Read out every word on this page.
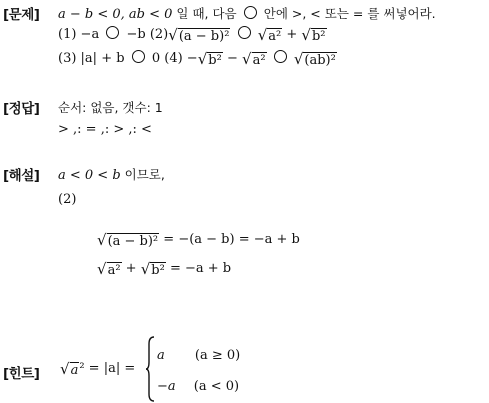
[문제] a − b < 0, ab < 0 일 때, 다음  안에 >, < 또는 = 를 써넣어라.
(1) −a −b (2) √ (a − b)²
√ a² + √ b²
(3) |a| + b 0 (4) − √ b² − √ a²
√ (ab)²
[정답] 순서: 없음, 갯수: 1
> ,: = ,: > ,: <
[해설] a < 0 < b 이므로,
(2)
√ (a − b)² = −(a − b) = −a + b
√ a² + √ b² = −a + b
[힌트] √ a ² = |a| =
a (a ≥ 0)
−a (a < 0)
